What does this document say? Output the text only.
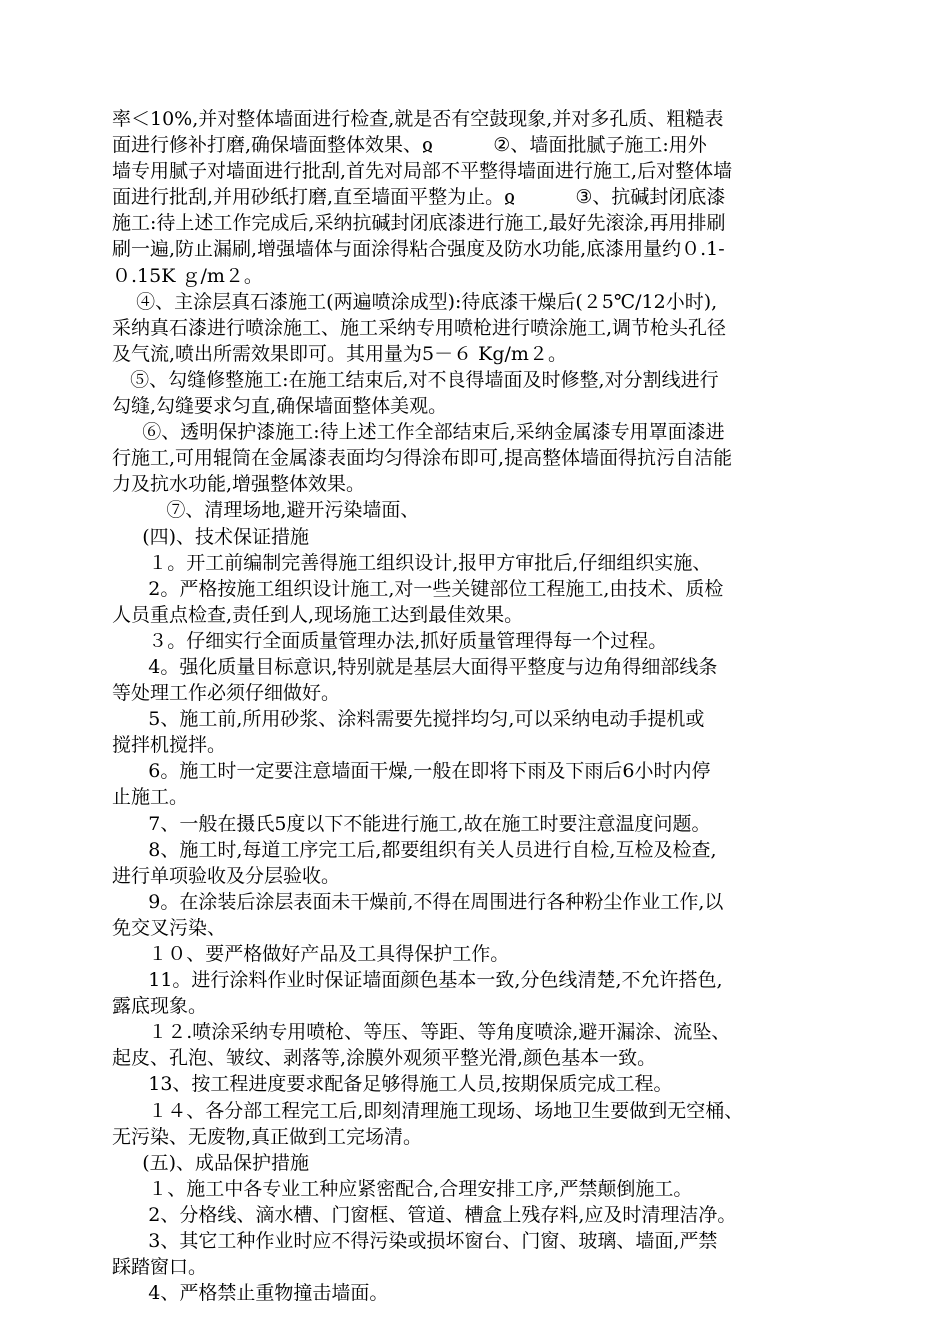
率＜10%,并对整体墙面进行检查,就是否有空鼓现象,并对多孔质、粗糙表
面进行修补打磨,确保墙面整体效果、ჲ          ②、墙面批腻子施工:用外
墙专用腻子对墙面进行批刮,首先对局部不平整得墙面进行施工,后对整体墙
面进行批刮,并用砂纸打磨,直至墙面平整为止。ჲ          ③、抗碱封闭底漆
施工:待上述工作完成后,采纳抗碱封闭底漆进行施工,最好先滚涂,再用排刷
刷一遍,防止漏刷,增强墙体与面涂得粘合强度及防水功能,底漆用量约０.1-
０.15K ｇ/m２。
④、主涂层真石漆施工(两遍喷涂成型):待底漆干燥后(２5℃/12小时),
采纳真石漆进行喷涂施工、施工采纳专用喷枪进行喷涂施工,调节枪头孔径
及气流,喷出所需效果即可。其用量为5－６ Kg/m２。
⑤、勾缝修整施工:在施工结束后,对不良得墙面及时修整,对分割线进行
勾缝,勾缝要求匀直,确保墙面整体美观。
⑥、透明保护漆施工:待上述工作全部结束后,采纳金属漆专用罩面漆进
行施工,可用辊筒在金属漆表面均匀得涂布即可,提高整体墙面得抗污自洁能
力及抗水功能,增强整体效果。
⑦、清理场地,避开污染墙面、
(四)、技术保证措施
１。开工前编制完善得施工组织设计,报甲方审批后,仔细组织实施、
2。严格按施工组织设计施工,对一些关键部位工程施工,由技术、质检
人员重点检查,责任到人,现场施工达到最佳效果。
３。仔细实行全面质量管理办法,抓好质量管理得每一个过程。
4。强化质量目标意识,特别就是基层大面得平整度与边角得细部线条
等处理工作必须仔细做好。
5、施工前,所用砂浆、涂料需要先搅拌均匀,可以采纳电动手提机或
搅拌机搅拌。
6。施工时一定要注意墙面干燥,一般在即将下雨及下雨后6小时内停
止施工。
7、一般在摄氏5度以下不能进行施工,故在施工时要注意温度问题。
8、施工时,每道工序完工后,都要组织有关人员进行自检,互检及检查,
进行单项验收及分层验收。
9。在涂装后涂层表面未干燥前,不得在周围进行各种粉尘作业工作,以
免交叉污染、
１０、要严格做好产品及工具得保护工作。
11。进行涂料作业时保证墙面颜色基本一致,分色线清楚,不允许搭色,
露底现象。
１２.喷涂采纳专用喷枪、等压、等距、等角度喷涂,避开漏涂、流坠、
起皮、孔泡、皱纹、剥落等,涂膜外观须平整光滑,颜色基本一致。
13、按工程进度要求配备足够得施工人员,按期保质完成工程。
１４、各分部工程完工后,即刻清理施工现场、场地卫生要做到无空桶、
无污染、无废物,真正做到工完场清。
(五)、成品保护措施
１、施工中各专业工种应紧密配合,合理安排工序,严禁颠倒施工。
2、分格线、滴水槽、门窗框、管道、槽盒上残存料,应及时清理洁净。
3、其它工种作业时应不得污染或损坏窗台、门窗、玻璃、墙面,严禁
踩踏窗口。
4、严格禁止重物撞击墙面。
